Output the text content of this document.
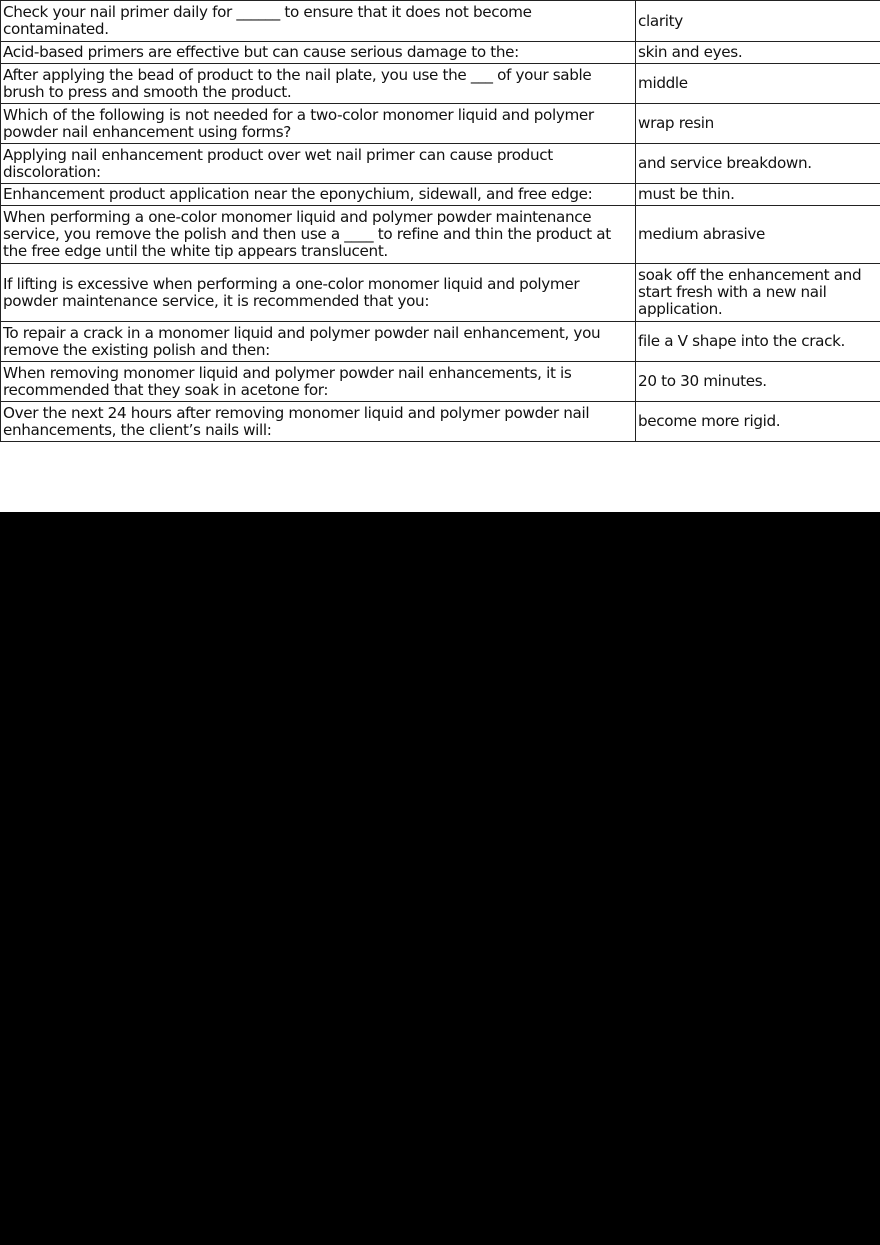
Check your nail primer daily for ______ to ensure that it does not become contaminated.	clarity
Acid-based primers are effective but can cause serious damage to the:	skin and eyes.
After applying the bead of product to the nail plate, you use the ___ of your sable brush to press and smooth the product.	middle
Which of the following is not needed for a two-color monomer liquid and polymer powder nail enhancement using forms?	wrap resin
Applying nail enhancement product over wet nail primer can cause product discoloration:	and service breakdown.
Enhancement product application near the eponychium, sidewall, and free edge:	must be thin.
When performing a one-color monomer liquid and polymer powder maintenance service, you remove the polish and then use a ____ to refine and thin the product at the free edge until the white tip appears translucent.	medium abrasive
If lifting is excessive when performing a one-color monomer liquid and polymer powder maintenance service, it is recommended that you:	soak off the enhancement and start fresh with a new nail application.
To repair a crack in a monomer liquid and polymer powder nail enhancement, you remove the existing polish and then:	file a V shape into the crack.
When removing monomer liquid and polymer powder nail enhancements, it is recommended that they soak in acetone for:	20 to 30 minutes.
Over the next 24 hours after removing monomer liquid and polymer powder nail enhancements, the client’s nails will:	become more rigid.
